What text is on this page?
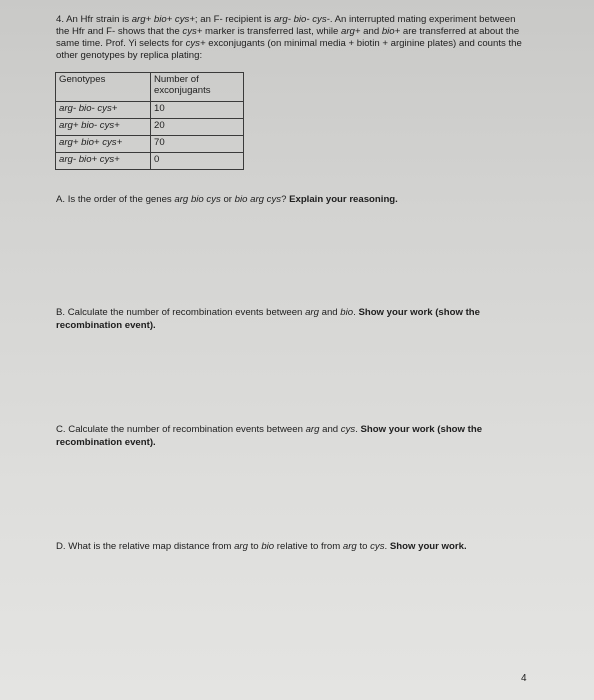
4. An Hfr strain is arg+ bio+ cys+; an F- recipient is arg- bio- cys-. An interrupted mating experiment between the Hfr and F- shows that the cys+ marker is transferred last, while arg+ and bio+ are transferred at about the same time. Prof. Yi selects for cys+ exconjugants (on minimal media + biotin + arginine plates) and counts the other genotypes by replica plating:

Genotypes	Number of exconjugants
arg- bio- cys+	10
arg+ bio- cys+	20
arg+ bio+ cys+	70
arg- bio+ cys+	0
A. Is the order of the genes arg bio cys or bio arg cys? Explain your reasoning.
B. Calculate the number of recombination events between arg and bio. Show your work (show the recombination event).
C. Calculate the number of recombination events between arg and cys. Show your work (show the recombination event).
D. What is the relative map distance from arg to bio relative to from arg to cys. Show your work.
4
